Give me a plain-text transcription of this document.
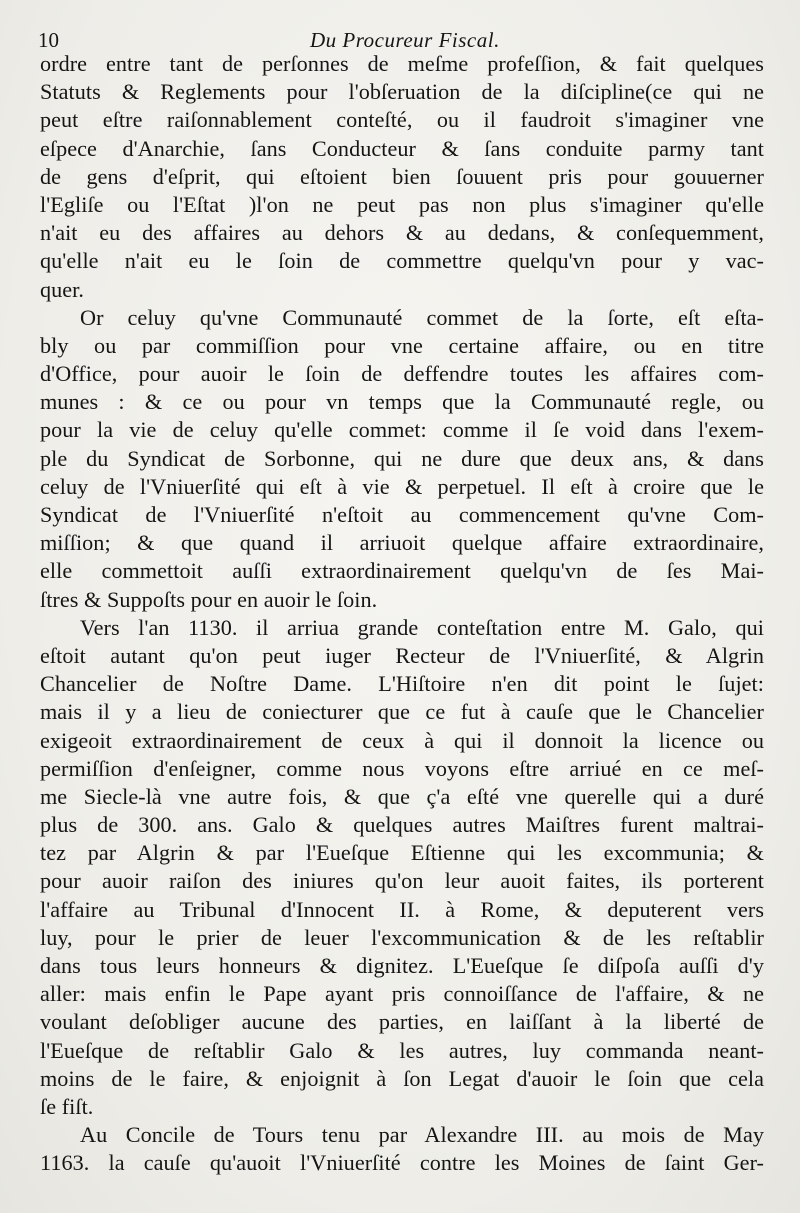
10	Du Procureur Fiscal.
ordre entre tant de perſonnes de meſme profeſſion, & fait quelques
Statuts & Reglements pour l'obſeruation de la diſcipline(ce qui ne
peut eſtre raiſonnablement conteſté, ou il faudroit s'imaginer vne
eſpece d'Anarchie, ſans Conducteur & ſans conduite parmy tant
de gens d'eſprit, qui eſtoient bien ſouuent pris pour gouuerner
l'Egliſe ou l'Eſtat )l'on ne peut pas non plus s'imaginer qu'elle
n'ait eu des affaires au dehors & au dedans, & conſequemment,
qu'elle n'ait eu le ſoin de commettre quelqu'vn pour y vac-
quer.
Or celuy qu'vne Communauté commet de la ſorte, eſt eſta-
bly ou par commiſſion pour vne certaine affaire, ou en titre
d'Office, pour auoir le ſoin de deffendre toutes les affaires com-
munes : & ce ou pour vn temps que la Communauté regle, ou
pour la vie de celuy qu'elle commet: comme il ſe void dans l'exem-
ple du Syndicat de Sorbonne, qui ne dure que deux ans, & dans
celuy de l'Vniuerſité qui eſt à vie & perpetuel. Il eſt à croire que le
Syndicat de l'Vniuerſité n'eſtoit au commencement qu'vne Com-
miſſion; & que quand il arriuoit quelque affaire extraordinaire,
elle commettoit auſſi extraordinairement quelqu'vn de ſes Mai-
ſtres & Suppoſts pour en auoir le ſoin.
Vers l'an 1130. il arriua grande conteſtation entre M. Galo, qui
eſtoit autant qu'on peut iuger Recteur de l'Vniuerſité, & Algrin
Chancelier de Noſtre Dame. L'Hiſtoire n'en dit point le ſujet:
mais il y a lieu de coniecturer que ce fut à cauſe que le Chancelier
exigeoit extraordinairement de ceux à qui il donnoit la licence ou
permiſſion d'enſeigner, comme nous voyons eſtre arriué en ce meſ-
me Siecle-là vne autre fois, & que ç'a eſté vne querelle qui a duré
plus de 300. ans. Galo & quelques autres Maiſtres furent maltrai-
tez par Algrin & par l'Eueſque Eſtienne qui les excommunia; &
pour auoir raiſon des iniures qu'on leur auoit faites, ils porterent
l'affaire au Tribunal d'Innocent II. à Rome, & deputerent vers
luy, pour le prier de leuer l'excommunication & de les reſtablir
dans tous leurs honneurs & dignitez. L'Eueſque ſe diſpoſa auſſi d'y
aller: mais enfin le Pape ayant pris connoiſſance de l'affaire, & ne
voulant deſobliger aucune des parties, en laiſſant à la liberté de
l'Eueſque de reſtablir Galo & les autres, luy commanda neant-
moins de le faire, & enjoignit à ſon Legat d'auoir le ſoin que cela
ſe fiſt.
Au Concile de Tours tenu par Alexandre III. au mois de May
1163. la cauſe qu'auoit l'Vniuerſité contre les Moines de ſaint Ger-
